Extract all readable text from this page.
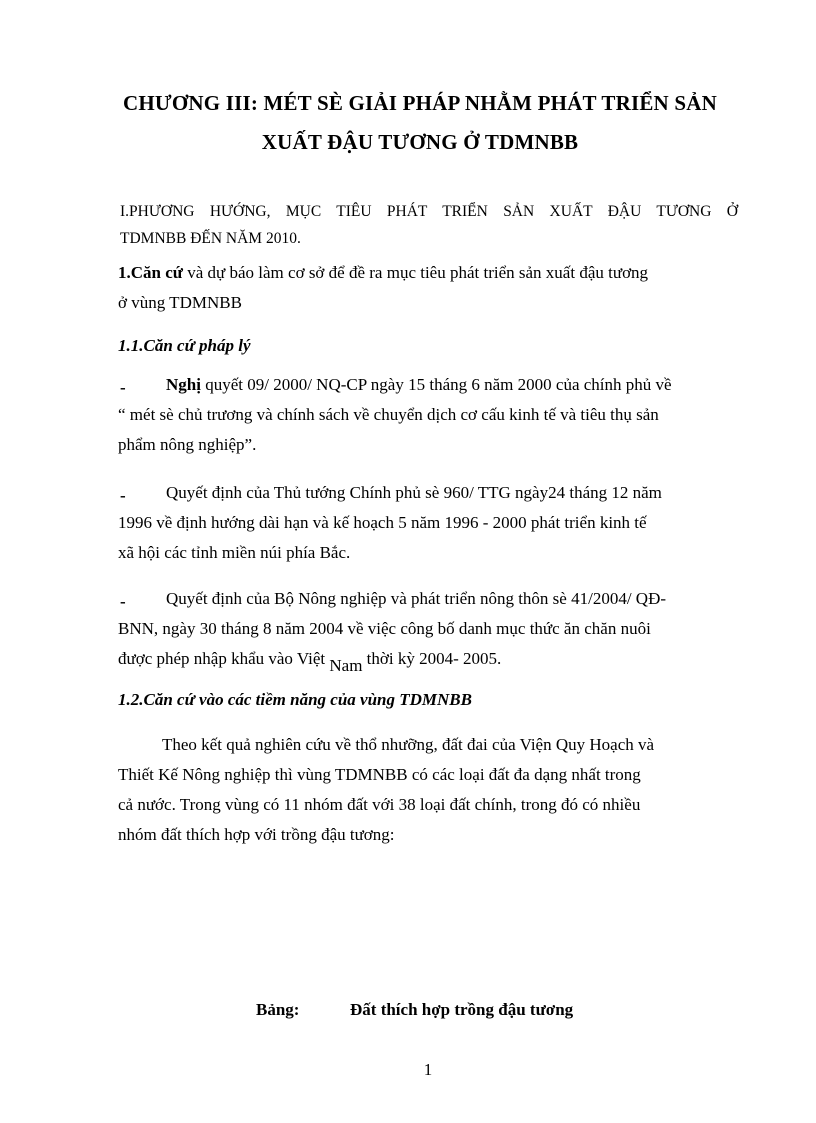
CHƯƠNG III: MÉT SÈ GIẢI PHÁP NHẰM PHÁT TRIỂN SẢN
XUẤT ĐẬU TƯƠNG Ở TDMNBB
I.PHƯƠNG HƯỚNG, MỤC TIÊU PHÁT TRIỂN SẢN XUẤT ĐẬU TƯƠNG Ở
TDMNBB ĐẾN NĂM 2010.
1.Căn cứ và dự báo làm cơ sở để đề ra mục tiêu phát triển sản xuất đậu tương
ở vùng TDMNBB
1.1.Căn cứ pháp lý
-	Nghị quyết 09/ 2000/ NQ-CP ngày 15 tháng 6 năm 2000 của chính phủ về
“ mét sè chủ trương và chính sách về chuyển dịch cơ cấu kinh tế và tiêu thụ sản
phẩm nông nghiệp”.
-	Quyết định của Thủ tướng Chính phủ sè 960/ TTG ngày24 tháng 12 năm
1996 về định hướng dài hạn và kế hoạch 5 năm 1996 - 2000 phát triển kinh tế
xã hội các tỉnh miền núi phía Bắc.
-	Quyết định của Bộ Nông nghiệp và phát triển nông thôn sè 41/2004/ QĐ-
BNN, ngày 30 tháng 8 năm 2004 về việc công bố danh mục thức ăn chăn nuôi
được phép nhập khẩu vào Việt Nam thời kỳ 2004- 2005.
1.2.Căn cứ vào các tiềm năng của vùng TDMNBB
Theo kết quả nghiên cứu về thổ nhưỡng, đất đai của Viện Quy Hoạch và
Thiết Kế Nông nghiệp thì vùng TDMNBB có các loại đất đa dạng nhất trong
cả nước. Trong vùng có 11 nhóm đất với 38 loại đất chính, trong đó có nhiều
nhóm đất thích hợp với trồng đậu tương:
Bảng:	Đất thích hợp trồng đậu tương
1
